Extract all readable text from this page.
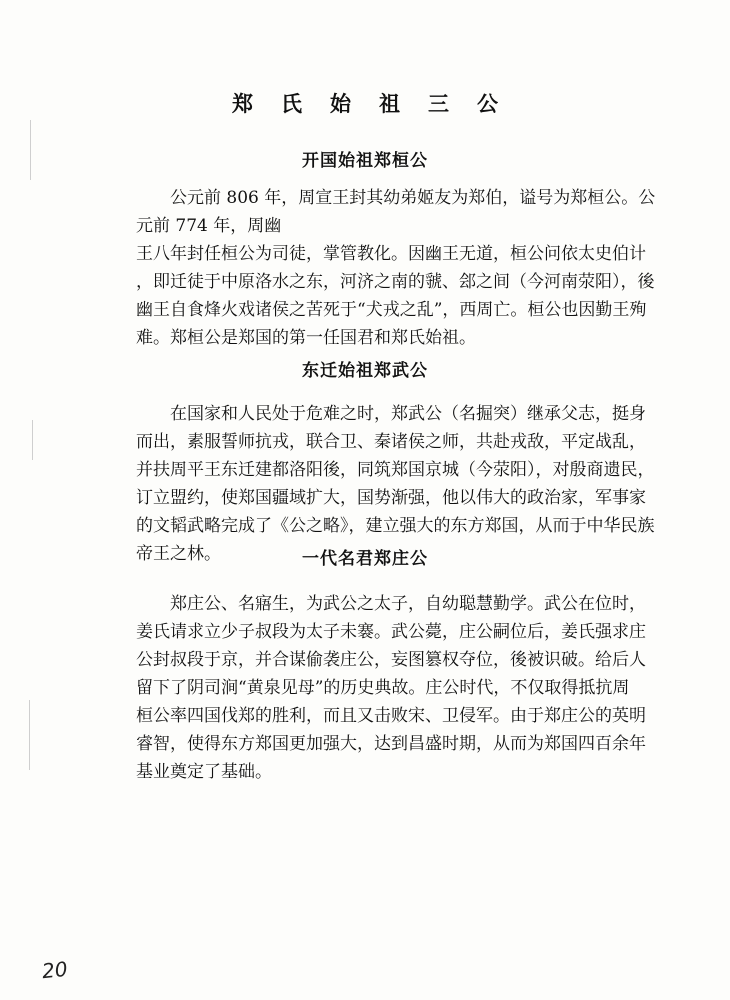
郑氏始祖三公
开国始祖郑桓公

公元前 806 年，周宣王封其幼弟姬友为郑伯，谥号为郑桓公。公
元前 774 年，周幽
王八年封任桓公为司徒，掌管教化。因幽王无道，桓公问依太史伯计
，即迁徒于中原洛水之东，河济之南的虢、郐之间（今河南荥阳），後
幽王自食烽火戏诸侯之苦死于“犬戎之乱”，西周亡。桓公也因勤王殉
难。郑桓公是郑国的第一任国君和郑氏始祖。

东迁始祖郑武公

在国家和人民处于危难之时，郑武公（名掘突）继承父志，挺身
而出，素服誓师抗戎，联合卫、秦诸侯之师，共赴戎敌，平定战乱，
并扶周平王东迁建都洛阳後，同筑郑国京城（今荥阳），对殷商遗民，
订立盟约，使郑国疆域扩大，国势渐强，他以伟大的政治家，军事家
的文韬武略完成了《公之略》，建立强大的东方郑国，从而于中华民族
帝王之林。	一代名君郑庄公

郑庄公、名寤生，为武公之太子，自幼聪慧勤学。武公在位时，
姜氏请求立少子叔段为太子未褰。武公薨，庄公嗣位后，姜氏强求庄
公封叔段于京，并合谋偷袭庄公，妄图篡权夺位，後被识破。给后人
留下了阴司涧“黄泉见母”的历史典故。庄公时代，不仅取得抵抗周
桓公率四国伐郑的胜利，而且又击败宋、卫侵军。由于郑庄公的英明
睿智，使得东方郑国更加强大，达到昌盛时期，从而为郑国四百余年
基业奠定了基础。

20
